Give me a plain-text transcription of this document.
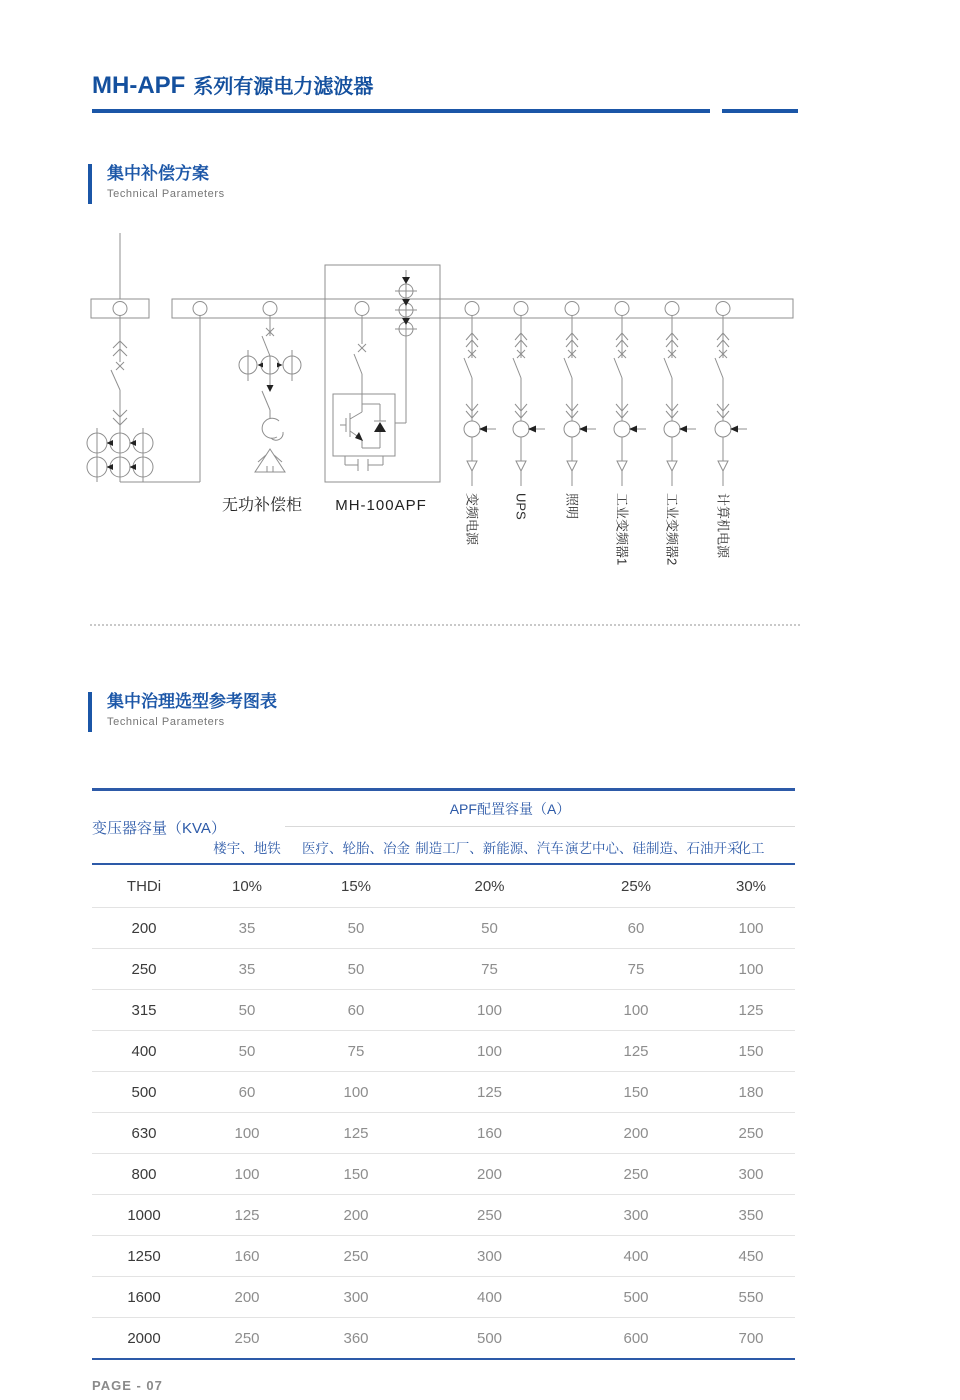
MH-APF 系列有源电力滤波器
集中补偿方案
Technical Parameters
无功补偿柜 MH-100APF	变频电源	UPS	照明	工业变频器1	工业变频器2	计算机电源
集中治理选型参考图表
Technical Parameters
变压器容量（KVA）
APF配置容量（A）
楼宇、地铁	医疗、轮胎、冶金 制造工厂、新能源、汽车 演艺中心、硅制造、石油开采
化工
THDi	10%	15%	20%	25%	30%
200	35	50	50	60	100
250	35	50	75	75	100
315	50	60	100	100	125
400	50	75	100	125	150
500	60	100	125	150	180
630	100	125	160	200	250
800	100	150	200	250	300
1000	125	200	250	300	350
1250	160	250	300	400	450
1600	200	300	400	500	550
2000	250	360	500	600	700
PAGE - 07
